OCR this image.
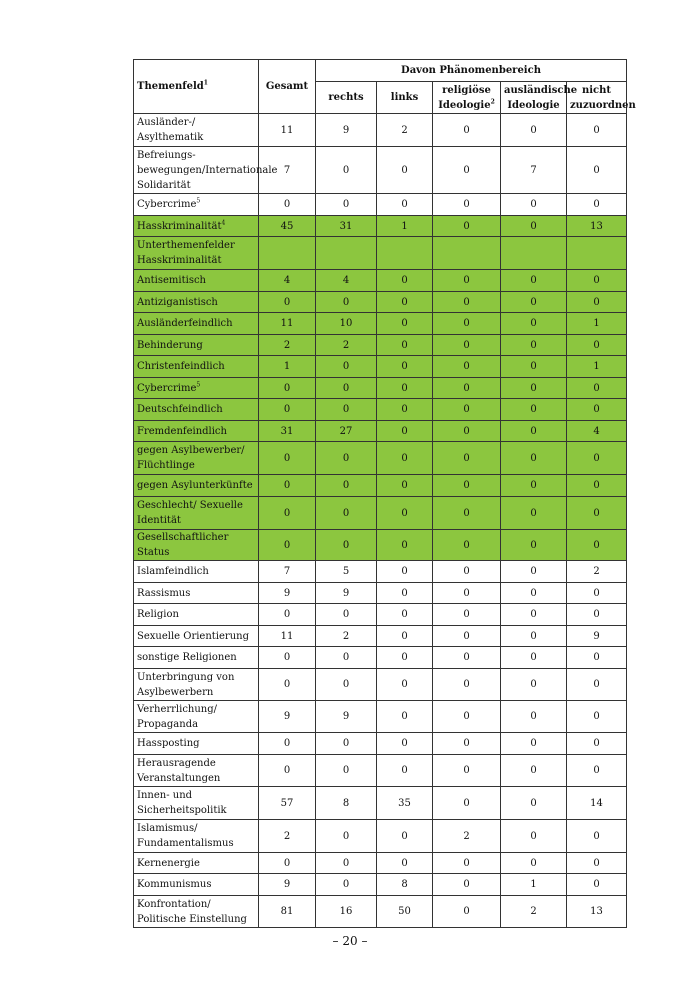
Themenfeld$^1$	Gesamt	Davon Phänomenbereich				
		rechts	links	religiöse Ideologie$^2$	ausländische Ideologie	nicht zuzuordnen
Ausländer-/ Asylthematik	11	9	2	0	0	0
Befreiungs-bewegungen/Internationale Solidarität	7	0	0	0	7	0
Cybercrime$^5$	0	0	0	0	0	0
Hasskriminalität$^4$	45	31	1	0	0	13
Unterthemenfelder Hasskriminalität						
Antisemitisch	4	4	0	0	0	0
Antiziganistisch	0	0	0	0	0	0
Ausländerfeindlich	11	10	0	0	0	1
Behinderung	2	2	0	0	0	0
Christenfeindlich	1	0	0	0	0	1
Cybercrime$^5$	0	0	0	0	0	0
Deutschfeindlich	0	0	0	0	0	0
Fremdenfeindlich	31	27	0	0	0	4
gegen Asylbewerber/ Flüchtlinge	0	0	0	0	0	0
gegen Asylunterkünfte	0	0	0	0	0	0
Geschlecht/ Sexuelle Identität	0	0	0	0	0	0
Gesellschaftlicher Status	0	0	0	0	0	0
Islamfeindlich	7	5	0	0	0	2
Rassismus	9	9	0	0	0	0
Religion	0	0	0	0	0	0
Sexuelle Orientierung	11	2	0	0	0	9
sonstige Religionen	0	0	0	0	0	0
Unterbringung von Asylbewerbern	0	0	0	0	0	0
Verherrlichung/ Propaganda	9	9	0	0	0	0
Hassposting	0	0	0	0	0	0
Herausragende Veranstaltungen	0	0	0	0	0	0
Innen- und Sicherheitspolitik	57	8	35	0	0	14
Islamismus/ Fundamentalismus	2	0	0	2	0	0
Kernenergie	0	0	0	0	0	0
Kommunismus	9	0	8	0	1	0
Konfrontation/ Politische Einstellung	81	16	50	0	2	13
– 20 –
